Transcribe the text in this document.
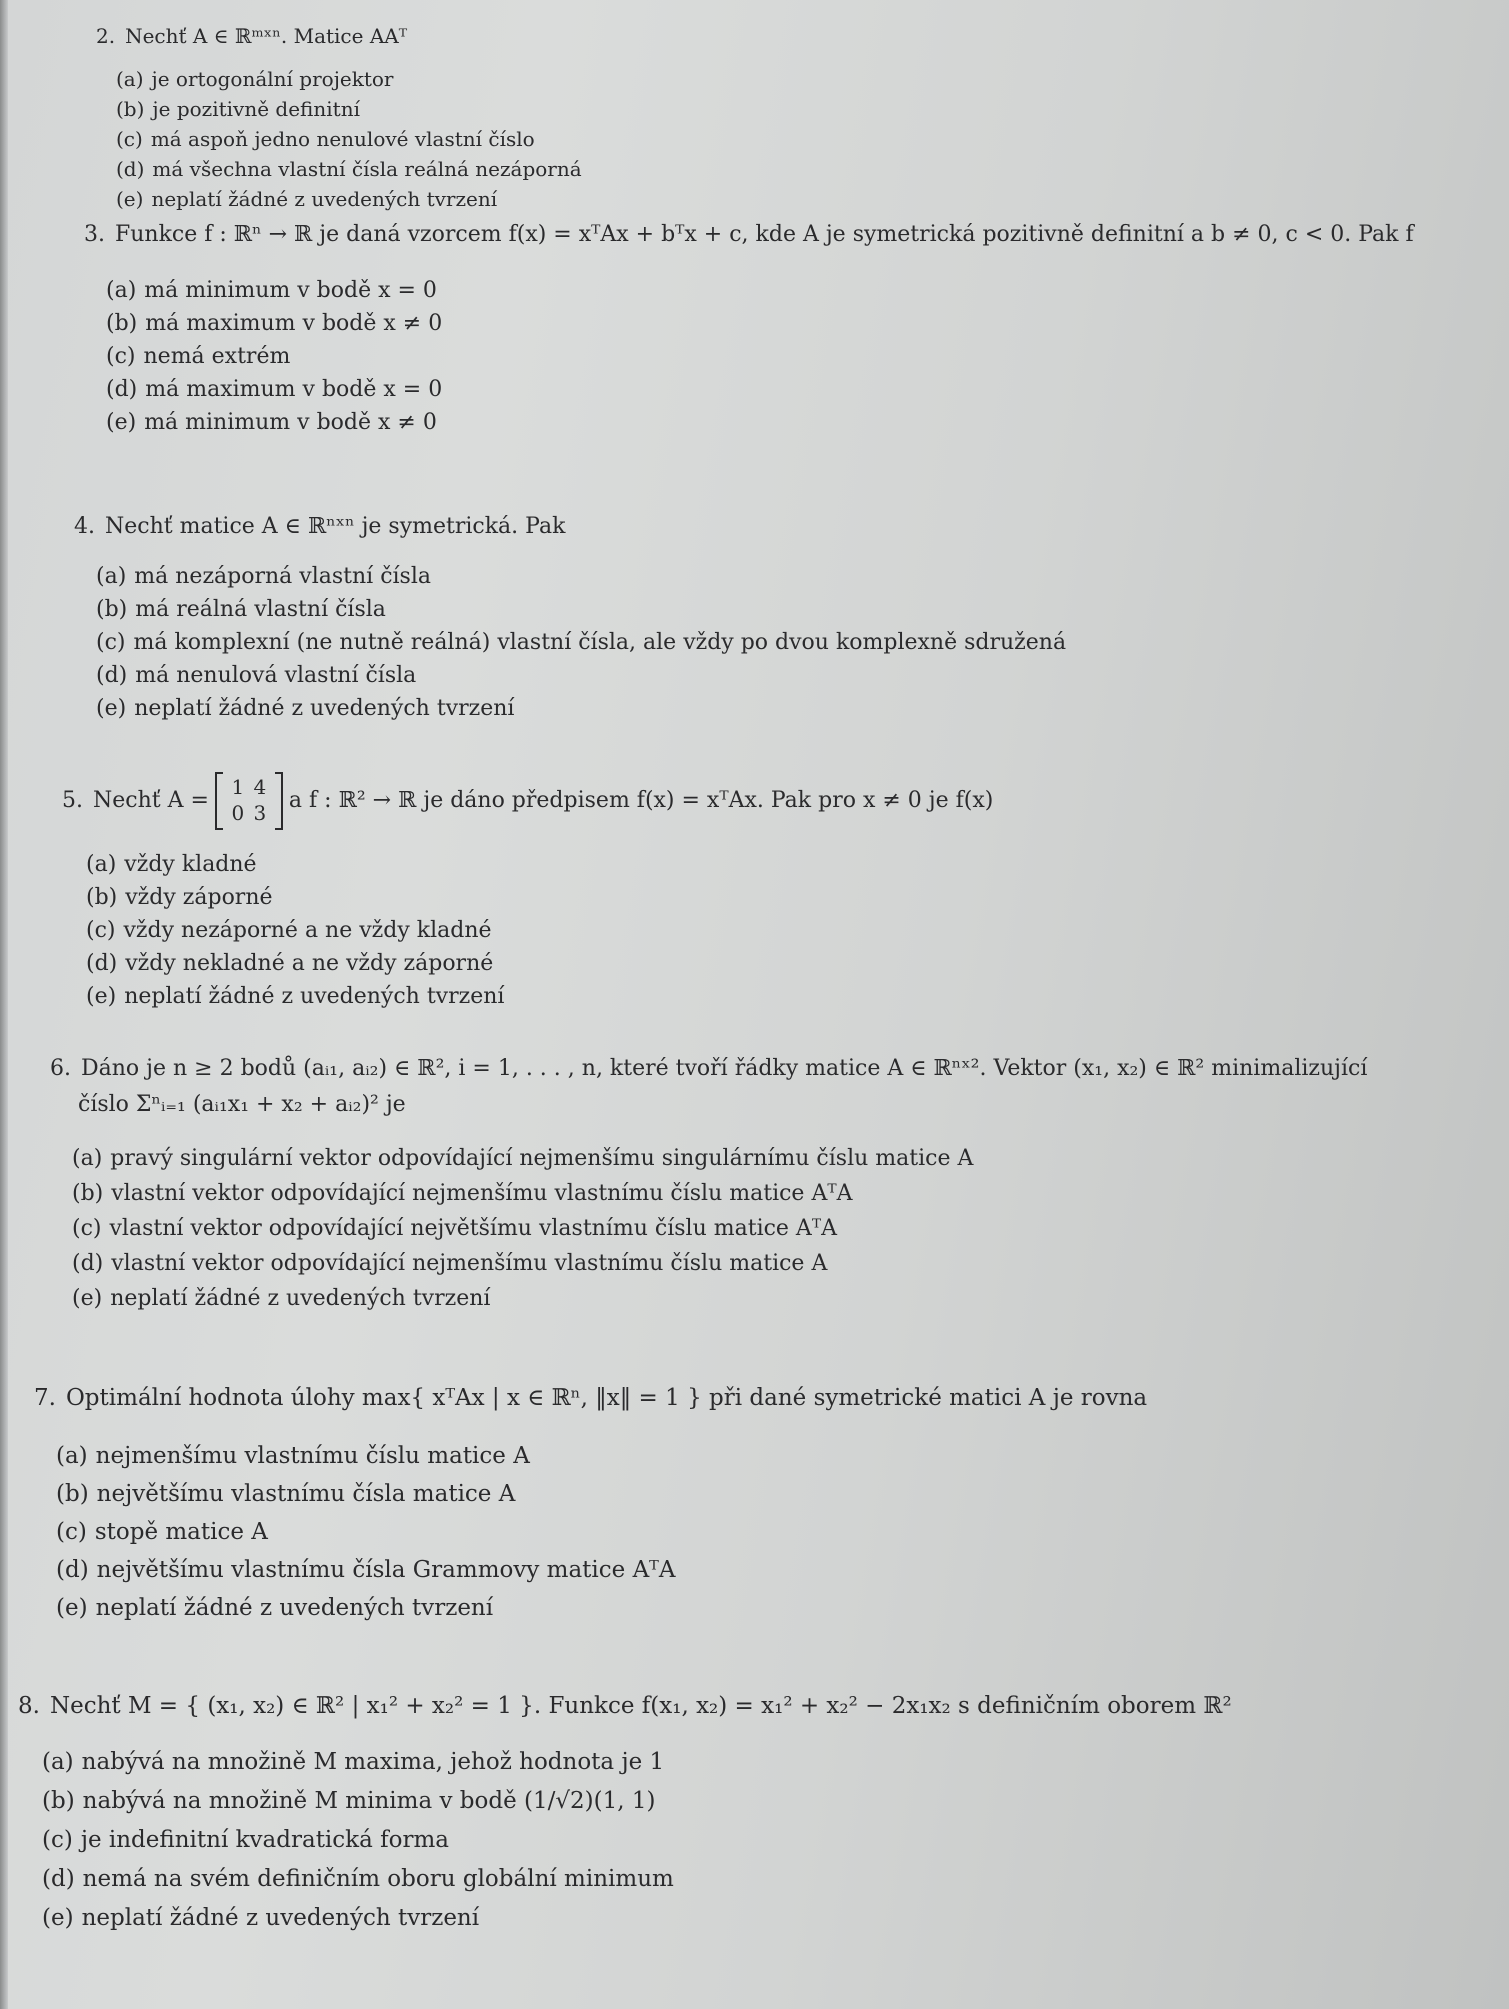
2. Nechť A ∈ ℝᵐˣⁿ. Matice AAᵀ
(a) je ortogonální projektor
(b) je pozitivně definitní
(c) má aspoň jedno nenulové vlastní číslo
(d) má všechna vlastní čísla reálná nezáporná
(e) neplatí žádné z uvedených tvrzení
3. Funkce f : ℝⁿ → ℝ je daná vzorcem f(x) = xᵀAx + bᵀx + c, kde A je symetrická pozitivně definitní a b ≠ 0, c < 0. Pak f
(a) má minimum v bodě x = 0
(b) má maximum v bodě x ≠ 0
(c) nemá extrém
(d) má maximum v bodě x = 0
(e) má minimum v bodě x ≠ 0
4. Nechť matice A ∈ ℝⁿˣⁿ je symetrická. Pak
(a) má nezáporná vlastní čísla
(b) má reálná vlastní čísla
(c) má komplexní (ne nutně reálná) vlastní čísla, ale vždy po dvou komplexně sdružená
(d) má nenulová vlastní čísla
(e) neplatí žádné z uvedených tvrzení
5. Nechť A =
1 4
0 3
a f : ℝ² → ℝ je dáno předpisem f(x) = xᵀAx. Pak pro x ≠ 0 je f(x)
(a) vždy kladné
(b) vždy záporné
(c) vždy nezáporné a ne vždy kladné
(d) vždy nekladné a ne vždy záporné
(e) neplatí žádné z uvedených tvrzení
6. Dáno je n ≥ 2 bodů (aᵢ₁, aᵢ₂) ∈ ℝ², i = 1, . . . , n, které tvoří řádky matice A ∈ ℝⁿˣ². Vektor (x₁, x₂) ∈ ℝ² minimalizující
číslo Σⁿᵢ₌₁ (aᵢ₁x₁ + x₂ + aᵢ₂)² je
(a) pravý singulární vektor odpovídající nejmenšímu singulárnímu číslu matice A
(b) vlastní vektor odpovídající nejmenšímu vlastnímu číslu matice AᵀA
(c) vlastní vektor odpovídající největšímu vlastnímu číslu matice AᵀA
(d) vlastní vektor odpovídající nejmenšímu vlastnímu číslu matice A
(e) neplatí žádné z uvedených tvrzení
7. Optimální hodnota úlohy max{ xᵀAx | x ∈ ℝⁿ, ‖x‖ = 1 } při dané symetrické matici A je rovna
(a) nejmenšímu vlastnímu číslu matice A
(b) největšímu vlastnímu čísla matice A
(c) stopě matice A
(d) největšímu vlastnímu čísla Grammovy matice AᵀA
(e) neplatí žádné z uvedených tvrzení
8. Nechť M = { (x₁, x₂) ∈ ℝ² | x₁² + x₂² = 1 }. Funkce f(x₁, x₂) = x₁² + x₂² − 2x₁x₂ s definičním oborem ℝ²
(a) nabývá na množině M maxima, jehož hodnota je 1
(b) nabývá na množině M minima v bodě (1/√2)(1, 1)
(c) je indefinitní kvadratická forma
(d) nemá na svém definičním oboru globální minimum
(e) neplatí žádné z uvedených tvrzení
